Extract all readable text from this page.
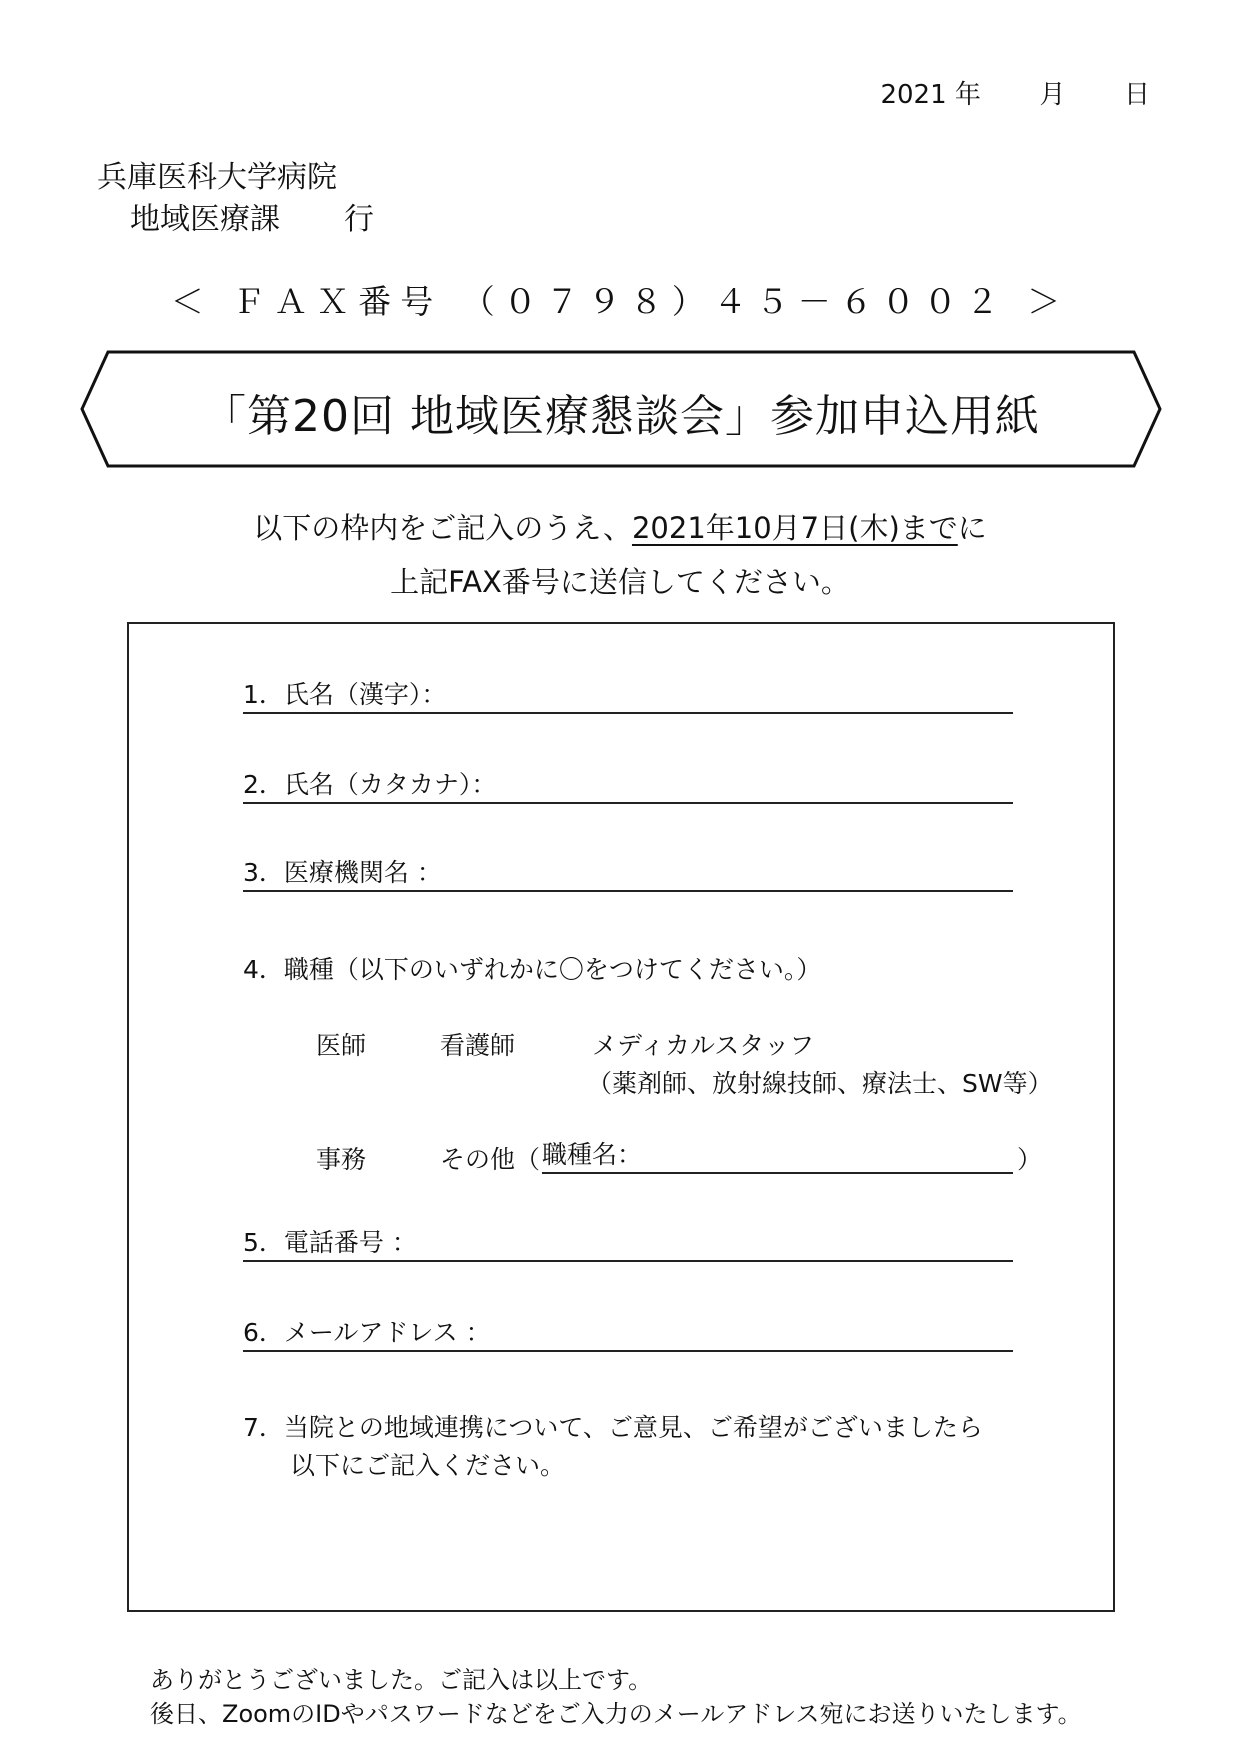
2021 年 月 日
兵庫医科大学病院
地域医療課 行
＜ ＦＡＸ番号 （０７９８）４５－６００２ ＞
「第20回 地域医療懇談会」参加申込用紙
以下の枠内をご記入のうえ、2021年10月7日(木)までに
上記FAX番号に送信してください。
1．氏名（漢字）：
2．氏名（カタカナ）：
3．医療機関名 ：
4．職種（以下のいずれかに〇をつけてください。）
医師	看護師	メディカルスタッフ
（薬剤師、放射線技師、療法士、SW等）
事務	その他（ 職種名：	）
5．電話番号 ：
6．メールアドレス ：
7．当院との地域連携について、ご意見、ご希望がございましたら
以下にご記入ください。
ありがとうございました。ご記入は以上です。
後日、ZoomのIDやパスワードなどをご入力のメールアドレス宛にお送りいたします。
